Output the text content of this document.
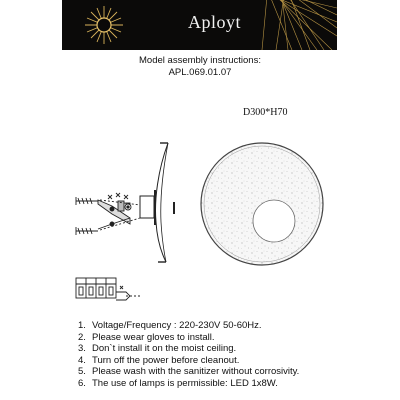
Aployt
Model assembly instructions:
APL.069.01.07
D300*H70
1. Voltage/Frequency : 220-230V 50-60Hz.
2. Please wear gloves to install.
3. Don`t install it on the moist ceiling.
4. Turn off the power before cleanout.
5. Please wash with the sanitizer without corrosivity.
6. The use of lamps is permissible: LED 1x8W.
